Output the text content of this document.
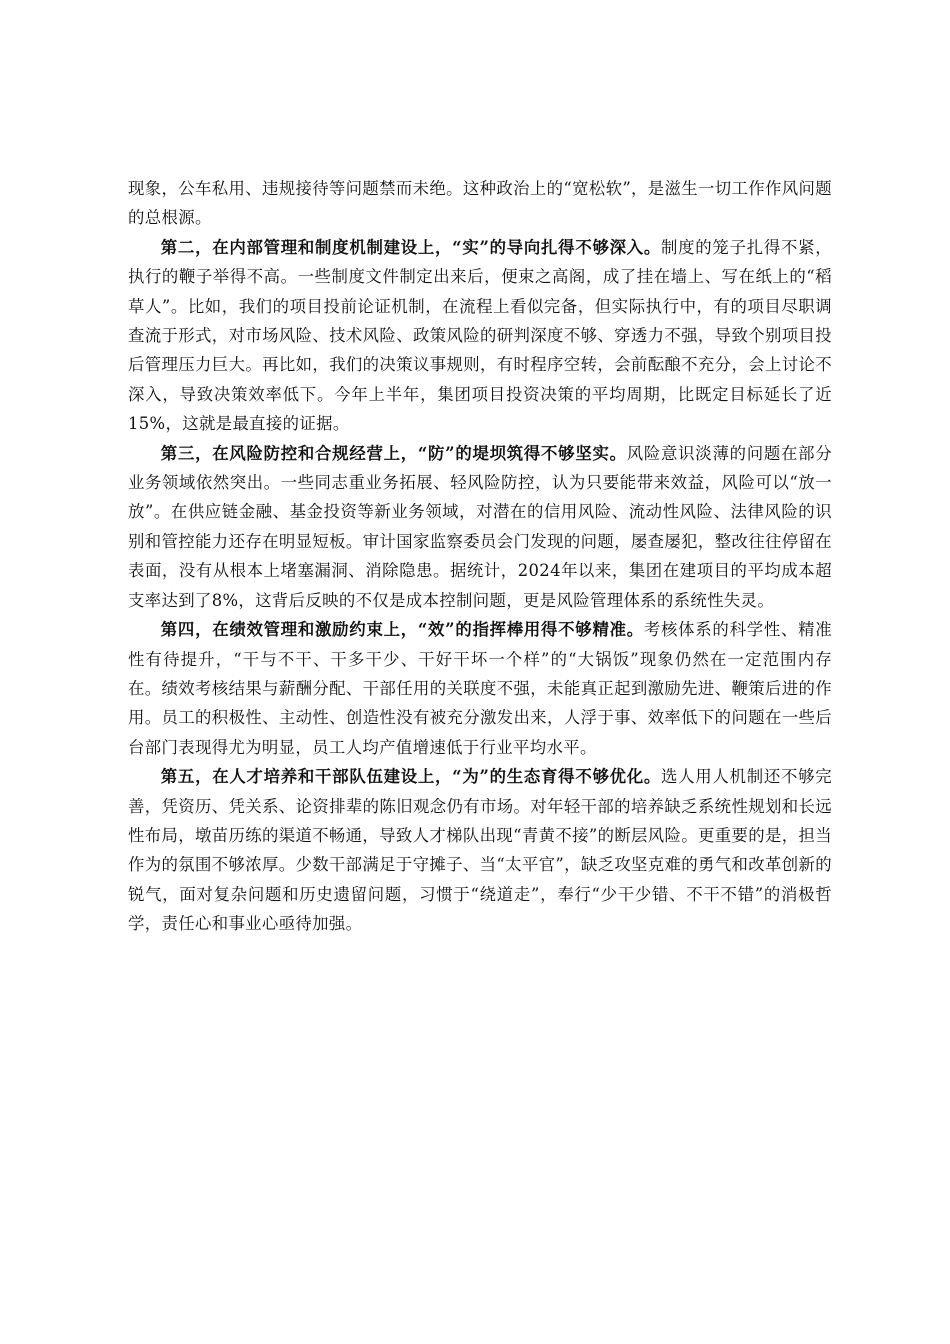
现象，公车私用、违规接待等问题禁而未绝。这种政治上的“宽松软”，是滋生一切工作作风问题的总根源。

第二，在内部管理和制度机制建设上，“实”的导向扎得不够深入。制度的笼子扎得不紧，执行的鞭子举得不高。一些制度文件制定出来后，便束之高阁，成了挂在墙上、写在纸上的“稻草人”。比如，我们的项目投前论证机制，在流程上看似完备，但实际执行中，有的项目尽职调查流于形式，对市场风险、技术风险、政策风险的研判深度不够、穿透力不强，导致个别项目投后管理压力巨大。再比如，我们的决策议事规则，有时程序空转，会前酝酿不充分，会上讨论不深入，导致决策效率低下。今年上半年，集团项目投资决策的平均周期，比既定目标延长了近15%，这就是最直接的证据。

第三，在风险防控和合规经营上，“防”的堤坝筑得不够坚实。风险意识淡薄的问题在部分业务领域依然突出。一些同志重业务拓展、轻风险防控，认为只要能带来效益，风险可以“放一放”。在供应链金融、基金投资等新业务领域，对潜在的信用风险、流动性风险、法律风险的识别和管控能力还存在明显短板。审计国家监察委员会门发现的问题，屡查屡犯，整改往往停留在表面，没有从根本上堵塞漏洞、消除隐患。据统计，2024年以来，集团在建项目的平均成本超支率达到了8%，这背后反映的不仅是成本控制问题，更是风险管理体系的系统性失灵。

第四，在绩效管理和激励约束上，“效”的指挥棒用得不够精准。考核体系的科学性、精准性有待提升，“干与不干、干多干少、干好干坏一个样”的“大锅饭”现象仍然在一定范围内存在。绩效考核结果与薪酬分配、干部任用的关联度不强，未能真正起到激励先进、鞭策后进的作用。员工的积极性、主动性、创造性没有被充分激发出来，人浮于事、效率低下的问题在一些后台部门表现得尤为明显，员工人均产值增速低于行业平均水平。

第五，在人才培养和干部队伍建设上，“为”的生态育得不够优化。选人用人机制还不够完善，凭资历、凭关系、论资排辈的陈旧观念仍有市场。对年轻干部的培养缺乏系统性规划和长远性布局，墩苗历练的渠道不畅通，导致人才梯队出现“青黄不接”的断层风险。更重要的是，担当作为的氛围不够浓厚。少数干部满足于守摊子、当“太平官”，缺乏攻坚克难的勇气和改革创新的锐气，面对复杂问题和历史遗留问题，习惯于“绕道走”，奉行“少干少错、不干不错”的消极哲学，责任心和事业心亟待加强。
